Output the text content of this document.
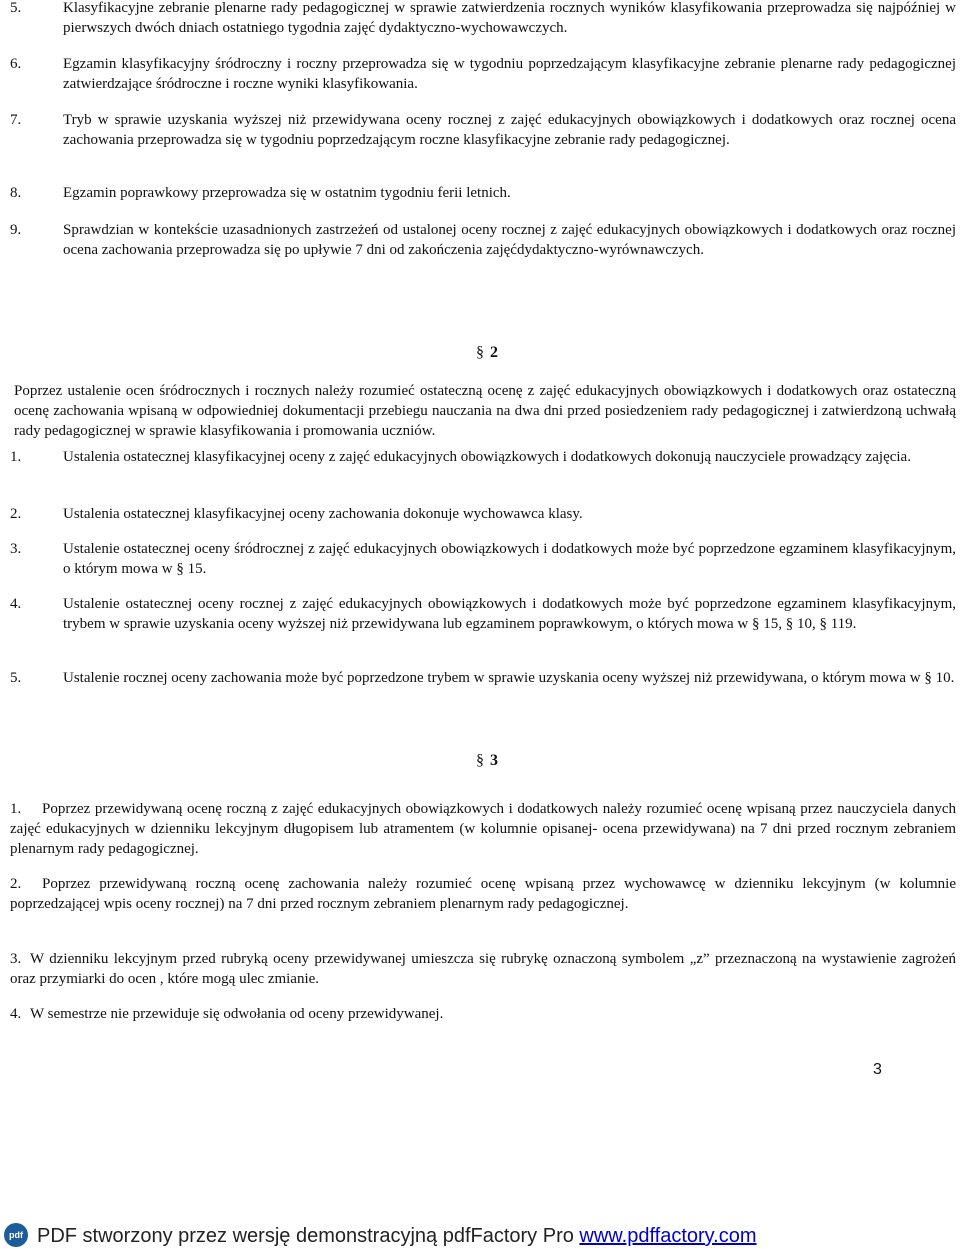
5.	Klasyfikacyjne zebranie plenarne rady pedagogicznej w sprawie zatwierdzenia rocznych wyników klasyfikowania przeprowadza się najpóźniej w pierwszych dwóch dniach ostatniego tygodnia zajęć dydaktyczno-wychowawczych.
6.	Egzamin klasyfikacyjny śródroczny i roczny przeprowadza się w tygodniu poprzedzającym klasyfikacyjne zebranie plenarne rady pedagogicznej zatwierdzające śródroczne i roczne wyniki klasyfikowania.
7.	Tryb w sprawie uzyskania wyższej niż przewidywana oceny rocznej z zajęć edukacyjnych obowiązkowych i dodatkowych oraz rocznej ocena zachowania przeprowadza się w tygodniu poprzedzającym roczne klasyfikacyjne zebranie rady pedagogicznej.
8.	Egzamin poprawkowy przeprowadza się w ostatnim tygodniu ferii letnich.
9.	Sprawdzian w kontekście uzasadnionych zastrzeżeń od ustalonej oceny rocznej z zajęć edukacyjnych obowiązkowych i dodatkowych oraz rocznej ocena zachowania przeprowadza się po upływie 7 dni od zakończenia zajęćdydaktyczno-wyrównawczych.
§ 2
Poprzez ustalenie ocen śródrocznych i rocznych należy rozumieć ostateczną ocenę z zajęć edukacyjnych obowiązkowych i dodatkowych oraz ostateczną ocenę zachowania wpisaną w odpowiedniej dokumentacji przebiegu nauczania na dwa dni przed posiedzeniem rady pedagogicznej i zatwierdzoną uchwałą rady pedagogicznej w sprawie klasyfikowania i promowania uczniów.
1.	Ustalenia ostatecznej klasyfikacyjnej oceny z zajęć edukacyjnych obowiązkowych i dodatkowych dokonują nauczyciele prowadzący zajęcia.
2.	Ustalenia ostatecznej klasyfikacyjnej oceny zachowania dokonuje wychowawca klasy.
3.	Ustalenie ostatecznej oceny śródrocznej z zajęć edukacyjnych obowiązkowych i dodatkowych może być poprzedzone egzaminem klasyfikacyjnym, o którym mowa w § 15.
4.	Ustalenie ostatecznej oceny rocznej z zajęć edukacyjnych obowiązkowych i dodatkowych może być poprzedzone egzaminem klasyfikacyjnym, trybem w sprawie uzyskania oceny wyższej niż przewidywana lub egzaminem poprawkowym, o których mowa w § 15, § 10, § 119.
5.	Ustalenie rocznej oceny zachowania może być poprzedzone trybem w sprawie uzyskania oceny wyższej niż przewidywana, o którym mowa w § 10.
§ 3
1.	Poprzez przewidywaną ocenę roczną z zajęć edukacyjnych obowiązkowych i dodatkowych należy rozumieć ocenę wpisaną przez nauczyciela danych zajęć edukacyjnych w dzienniku lekcyjnym długopisem lub atramentem (w kolumnie opisanej- ocena przewidywana) na 7 dni przed rocznym zebraniem plenarnym rady pedagogicznej.
2.	Poprzez przewidywaną roczną ocenę zachowania należy rozumieć ocenę wpisaną przez wychowawcę w dzienniku lekcyjnym (w kolumnie poprzedzającej wpis oceny rocznej) na 7 dni przed rocznym zebraniem plenarnym rady pedagogicznej.
3. W dzienniku lekcyjnym przed rubryką oceny przewidywanej umieszcza się rubrykę oznaczoną symbolem „z” przeznaczoną na wystawienie zagrożeń oraz przymiarki do ocen , które mogą ulec zmianie.
4. W semestrze nie przewiduje się odwołania od oceny przewidywanej.
3
pdf PDF stworzony przez wersję demonstracyjną pdfFactory Pro www.pdffactory.com
